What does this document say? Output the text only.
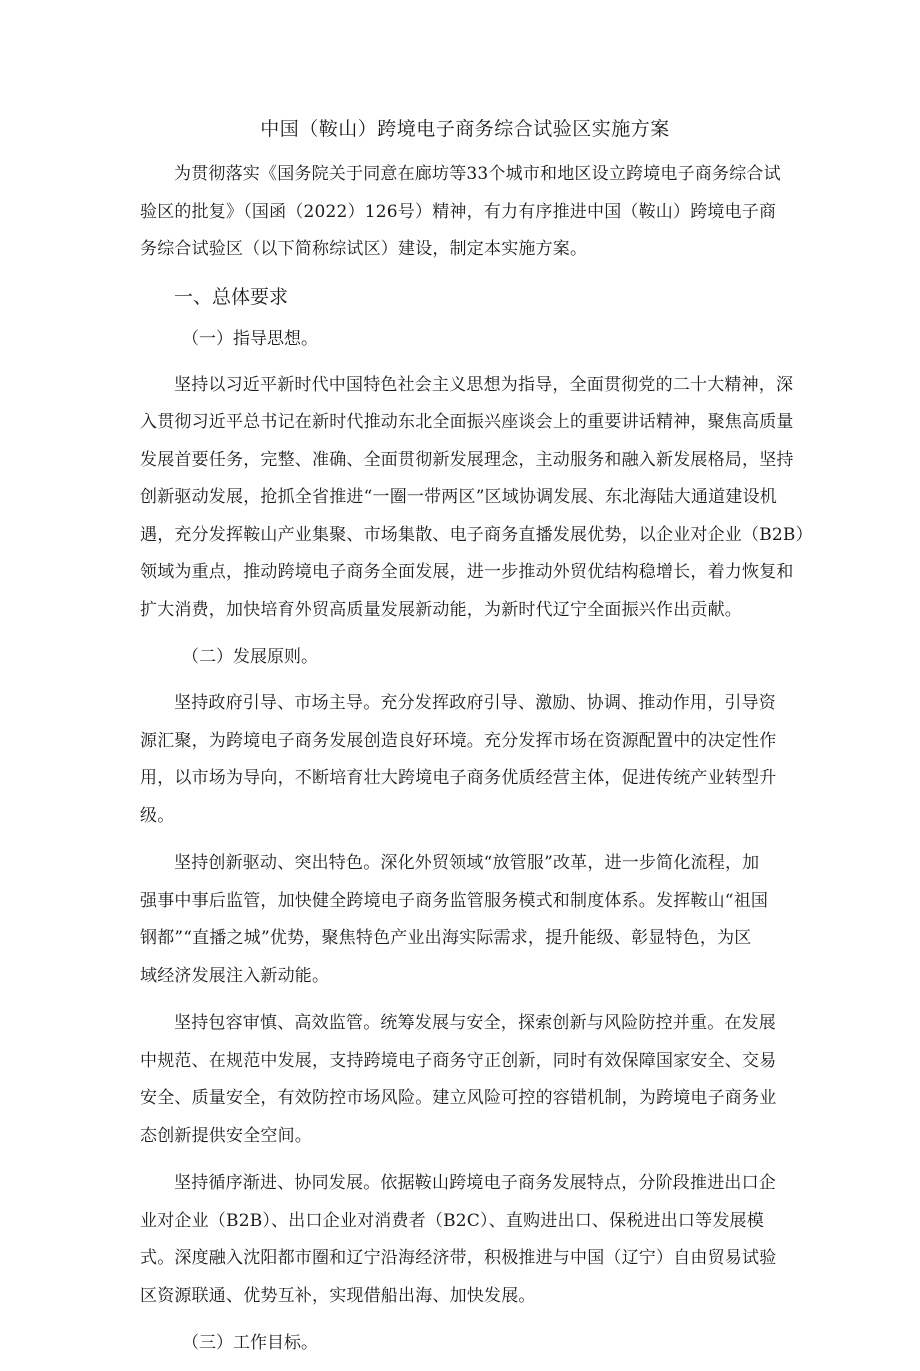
中国（鞍山）跨境电子商务综合试验区实施方案
为贯彻落实《国务院关于同意在廊坊等33个城市和地区设立跨境电子商务综合试
验区的批复》（国函（2022）126号）精神，有力有序推进中国（鞍山）跨境电子商
务综合试验区（以下简称综试区）建设，制定本实施方案。
一、总体要求
（一）指导思想。
坚持以习近平新时代中国特色社会主义思想为指导，全面贯彻党的二十大精神，深
入贯彻习近平总书记在新时代推动东北全面振兴座谈会上的重要讲话精神，聚焦高质量
发展首要任务，完整、准确、全面贯彻新发展理念，主动服务和融入新发展格局，坚持
创新驱动发展，抢抓全省推进“一圈一带两区”区域协调发展、东北海陆大通道建设机
遇，充分发挥鞍山产业集聚、市场集散、电子商务直播发展优势，以企业对企业（B2B）
领域为重点，推动跨境电子商务全面发展，进一步推动外贸优结构稳增长，着力恢复和
扩大消费，加快培育外贸高质量发展新动能，为新时代辽宁全面振兴作出贡献。
（二）发展原则。
坚持政府引导、市场主导。充分发挥政府引导、激励、协调、推动作用，引导资
源汇聚，为跨境电子商务发展创造良好环境。充分发挥市场在资源配置中的决定性作
用，以市场为导向，不断培育壮大跨境电子商务优质经营主体，促进传统产业转型升
级。
坚持创新驱动、突出特色。深化外贸领域“放管服”改革，进一步简化流程，加
强事中事后监管，加快健全跨境电子商务监管服务模式和制度体系。发挥鞍山“祖国
钢都”“直播之城”优势，聚焦特色产业出海实际需求，提升能级、彰显特色，为区
域经济发展注入新动能。
坚持包容审慎、高效监管。统筹发展与安全，探索创新与风险防控并重。在发展
中规范、在规范中发展，支持跨境电子商务守正创新，同时有效保障国家安全、交易
安全、质量安全，有效防控市场风险。建立风险可控的容错机制，为跨境电子商务业
态创新提供安全空间。
坚持循序渐进、协同发展。依据鞍山跨境电子商务发展特点，分阶段推进出口企
业对企业（B2B）、出口企业对消费者（B2C）、直购进出口、保税进出口等发展模
式。深度融入沈阳都市圈和辽宁沿海经济带，积极推进与中国（辽宁）自由贸易试验
区资源联通、优势互补，实现借船出海、加快发展。
（三）工作目标。
